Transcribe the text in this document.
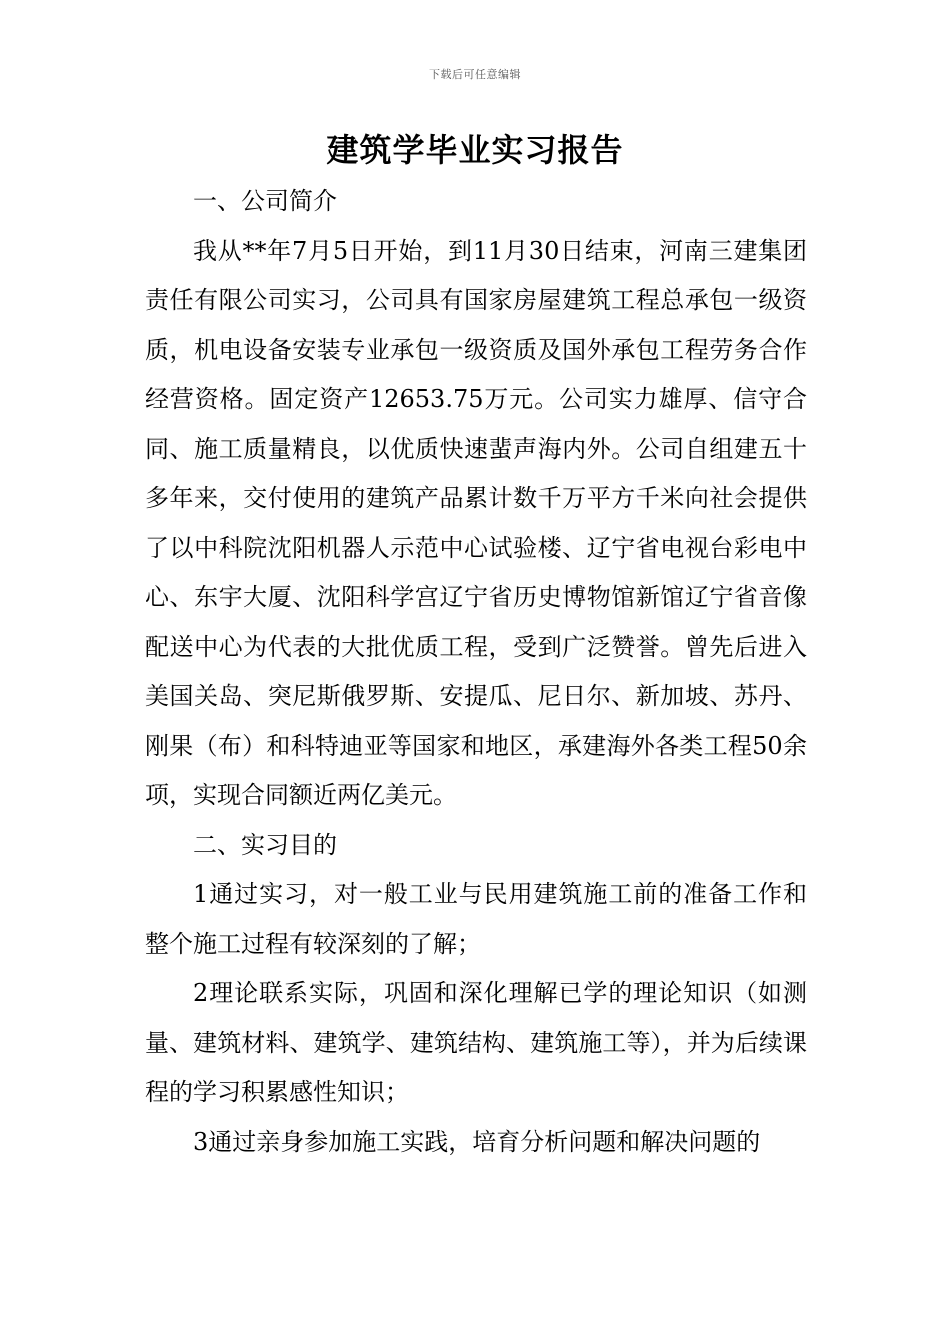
下载后可任意编辑
建筑学毕业实习报告

一、公司简介

我从**年7月5日开始，到11月30日结束，河南三建集团责任有限公司实习，公司具有国家房屋建筑工程总承包一级资质，机电设备安装专业承包一级资质及国外承包工程劳务合作经营资格。固定资产12653.75万元。公司实力雄厚、信守合同、施工质量精良，以优质快速蜚声海内外。公司自组建五十多年来，交付使用的建筑产品累计数千万平方千米向社会提供了以中科院沈阳机器人示范中心试验楼、辽宁省电视台彩电中心、东宇大厦、沈阳科学宫辽宁省历史博物馆新馆辽宁省音像配送中心为代表的大批优质工程，受到广泛赞誉。曾先后进入美国关岛、突尼斯俄罗斯、安提瓜、尼日尔、新加坡、苏丹、刚果（布）和科特迪亚等国家和地区，承建海外各类工程50余项，实现合同额近两亿美元。

二、实习目的

1通过实习，对一般工业与民用建筑施工前的准备工作和整个施工过程有较深刻的了解；

2理论联系实际，巩固和深化理解已学的理论知识（如测量、建筑材料、建筑学、建筑结构、建筑施工等），并为后续课程的学习积累感性知识；

3通过亲身参加施工实践，培育分析问题和解决问题的
